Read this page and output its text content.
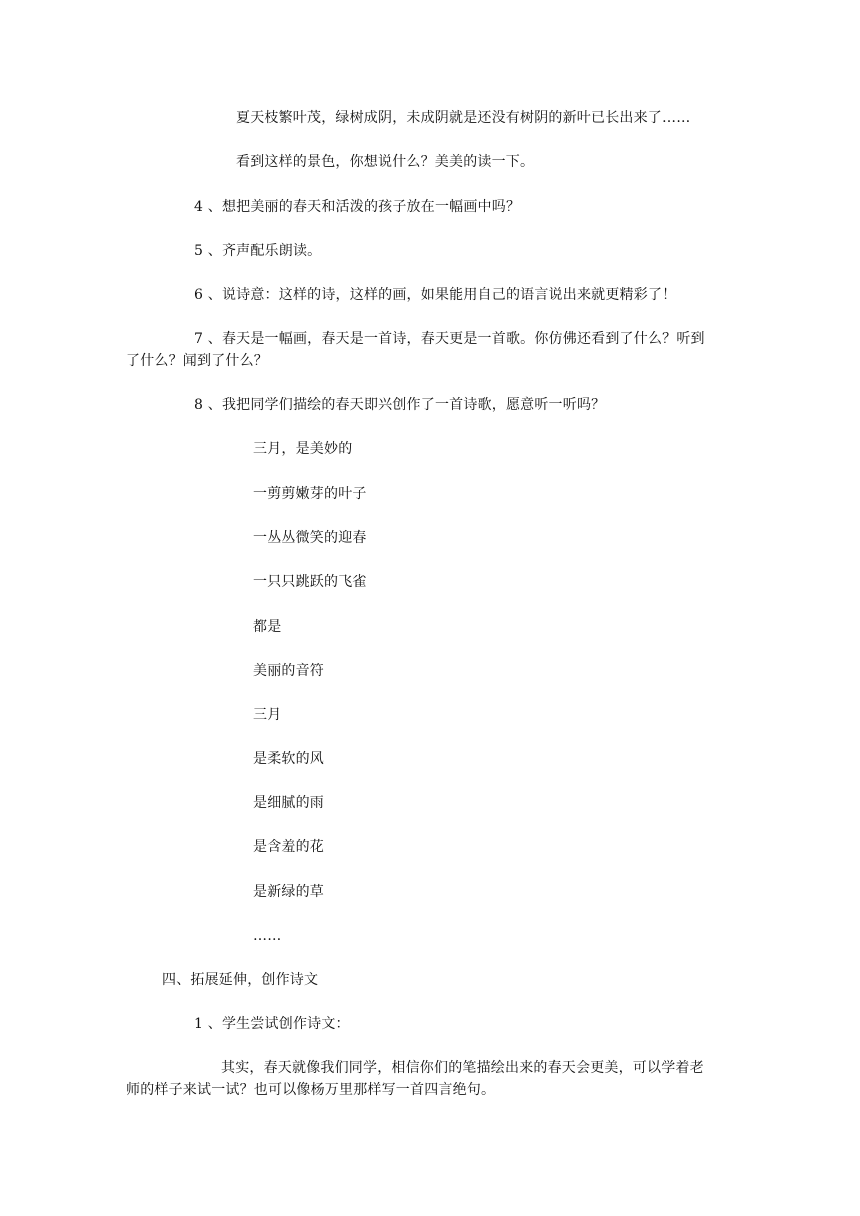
夏天枝繁叶茂，绿树成阴，未成阴就是还没有树阴的新叶已长出来了……
看到这样的景色，你想说什么？美美的读一下。
4 、想把美丽的春天和活泼的孩子放在一幅画中吗？
5 、齐声配乐朗读。
6 、说诗意：这样的诗，这样的画，如果能用自己的语言说出来就更精彩了！
7 、春天是一幅画，春天是一首诗，春天更是一首歌。你仿佛还看到了什么？听到
了什么？闻到了什么？
8 、我把同学们描绘的春天即兴创作了一首诗歌，愿意听一听吗？
三月，是美妙的
一剪剪嫩芽的叶子
一丛丛微笑的迎春
一只只跳跃的飞雀
都是
美丽的音符
三月
是柔软的风
是细腻的雨
是含羞的花
是新绿的草
……
四、拓展延伸，创作诗文
1 、学生尝试创作诗文：
其实，春天就像我们同学，相信你们的笔描绘出来的春天会更美，可以学着老
师的样子来试一试？也可以像杨万里那样写一首四言绝句。
